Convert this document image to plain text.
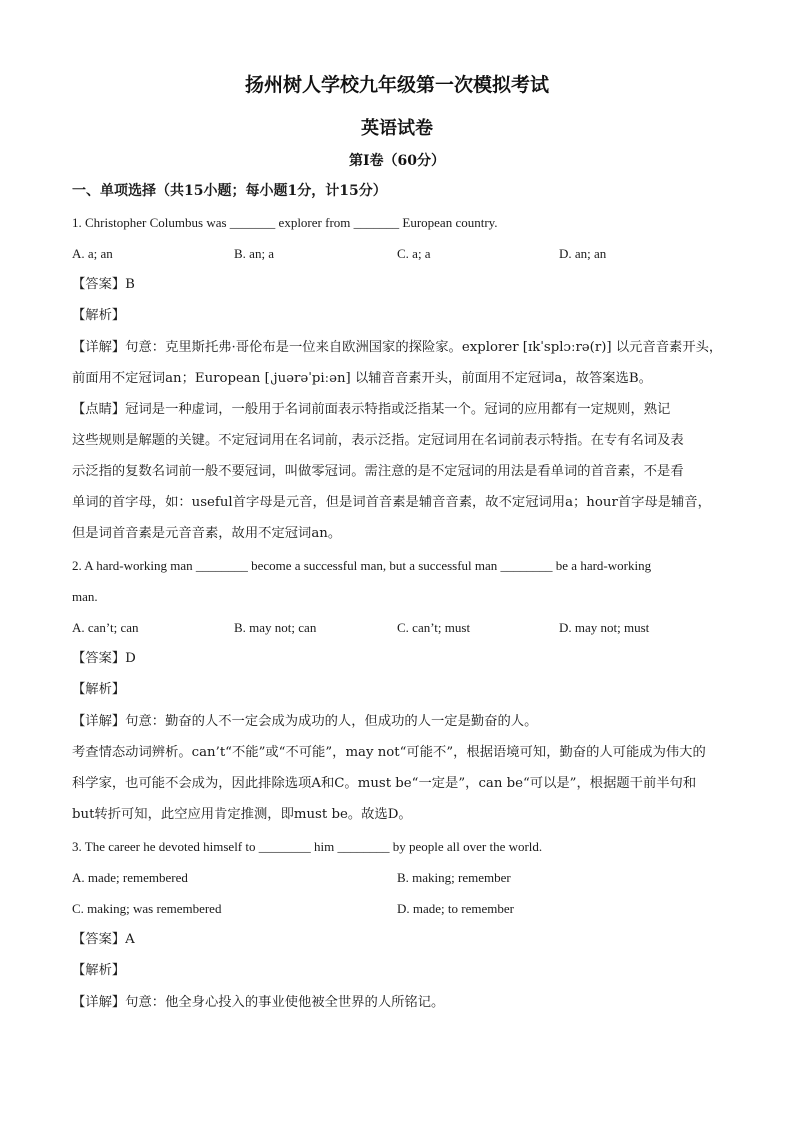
扬州树人学校九年级第一次模拟考试
英语试卷
第Ⅰ卷（60分）
一、单项选择（共15小题；每小题1分，计15分）
1. Christopher Columbus was _______ explorer from _______ European country.
A. a; an	B. an; a	C. a; a	D. an; an
【答案】B
【解析】
【详解】句意：克里斯托弗·哥伦布是一位来自欧洲国家的探险家。explorer [ɪkˈsplɔːrə(r)] 以元音音素开头，
前面用不定冠词an；European [ˌjuərəˈpiːən] 以辅音音素开头，前面用不定冠词a，故答案选B。
【点睛】冠词是一种虚词，一般用于名词前面表示特指或泛指某一个。冠词的应用都有一定规则，熟记
这些规则是解题的关键。不定冠词用在名词前，表示泛指。定冠词用在名词前表示特指。在专有名词及表
示泛指的复数名词前一般不要冠词，叫做零冠词。需注意的是不定冠词的用法是看单词的首音素，不是看
单词的首字母，如：useful首字母是元音，但是词首音素是辅音音素，故不定冠词用a；hour首字母是辅音，
但是词首音素是元音音素，故用不定冠词an。
2. A hard-working man ________ become a successful man, but a successful man ________ be a hard-working
man.
A. can’t; can	B. may not; can	C. can’t; must	D. may not; must
【答案】D
【解析】
【详解】句意：勤奋的人不一定会成为成功的人，但成功的人一定是勤奋的人。
考查情态动词辨析。can’t“不能”或“不可能”，may not“可能不”，根据语境可知，勤奋的人可能成为伟大的
科学家，也可能不会成为，因此排除选项A和C。must be“一定是”，can be“可以是”，根据题干前半句和
but转折可知，此空应用肯定推测，即must be。故选D。
3. The career he devoted himself to ________ him ________ by people all over the world.
A. made; remembered	B. making; remember
C. making; was remembered	D. made; to remember
【答案】A
【解析】
【详解】句意：他全身心投入的事业使他被全世界的人所铭记。
